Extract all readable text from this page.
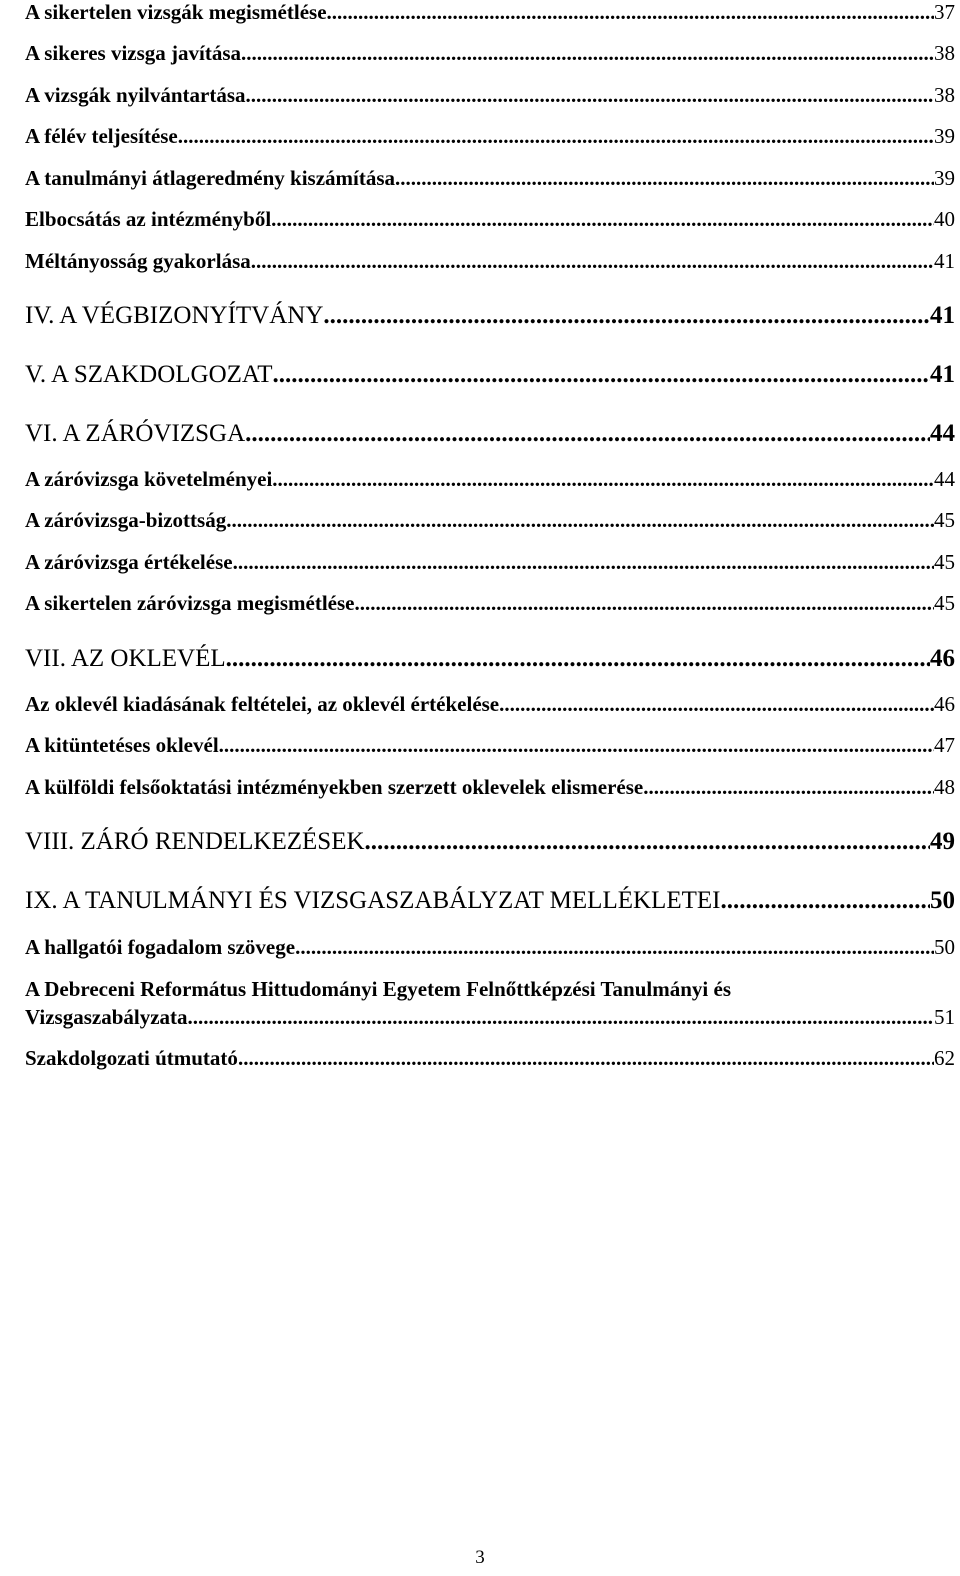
A sikertelen vizsgák megismétlése .....	37
A sikeres vizsga javítása .....	38
A vizsgák nyilvántartása .....	38
A félév teljesítése .....	39
A tanulmányi átlageredmény kiszámítása .....	39
Elbocsátás az intézményből .....	40
Méltányosság gyakorlása .....	41
IV. A VÉGBIZONYÍTVÁNY .....	41
V. A SZAKDOLGOZAT .....	41
VI. A ZÁRÓVIZSGA .....	44
A záróvizsga követelményei .....	44
A záróvizsga-bizottság .....	45
A záróvizsga értékelése .....	45
A sikertelen záróvizsga megismétlése .....	45
VII. AZ OKLEVÉL .....	46
Az oklevél kiadásának feltételei, az oklevél értékelése .....	46
A kitüntetéses oklevél .....	47
A külföldi felsőoktatási intézményekben szerzett oklevelek elismerése .....	48
VIII. ZÁRÓ RENDELKEZÉSEK .....	49
IX. A TANULMÁNYI ÉS VIZSGASZABÁLYZAT MELLÉKLETEI .....	50
A hallgatói fogadalom szövege .....	50
A Debreceni Református Hittudományi Egyetem Felnőttképzési Tanulmányi és
Vizsgaszabályzata .....	51
Szakdolgozati útmutató .....	62
3
